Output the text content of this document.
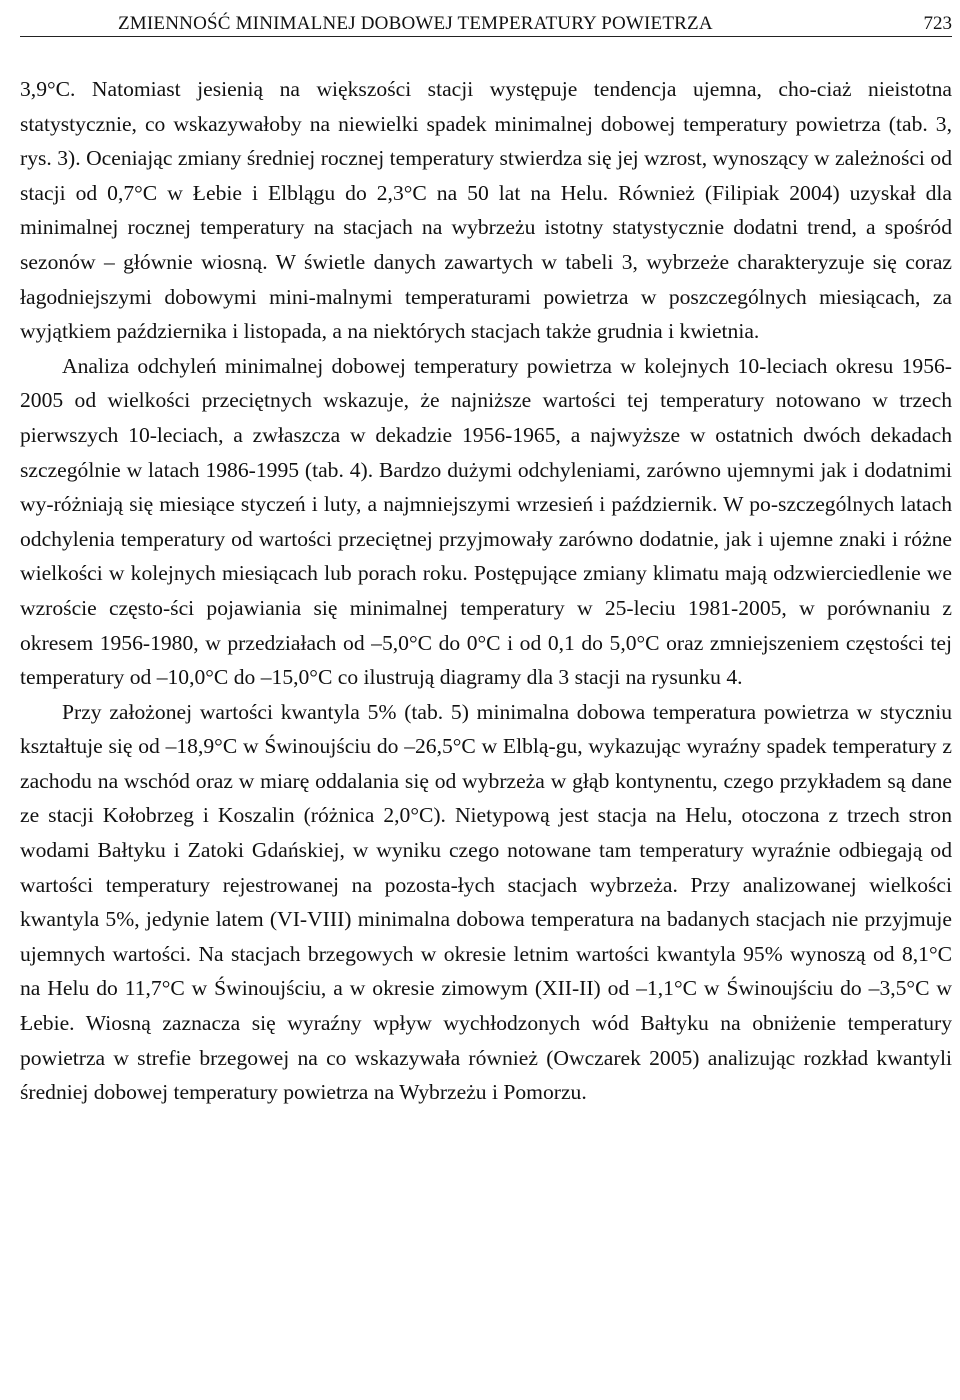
ZMIENNOŚĆ MINIMALNEJ DOBOWEJ TEMPERATURY POWIETRZA	723

3,9°C. Natomiast jesienią na większości stacji występuje tendencja ujemna, cho-ciaż nieistotna statystycznie, co wskazywałoby na niewielki spadek minimalnej dobowej temperatury powietrza (tab. 3, rys. 3). Oceniając zmiany średniej rocznej temperatury stwierdza się jej wzrost, wynoszący w zależności od stacji od 0,7°C w Łebie i Elblągu do 2,3°C na 50 lat na Helu. Również (Filipiak 2004) uzyskał dla minimalnej rocznej temperatury na stacjach na wybrzeżu istotny statystycznie dodatni trend, a spośród sezonów – głównie wiosną. W świetle danych zawartych w tabeli 3, wybrzeże charakteryzuje się coraz łagodniejszymi dobowymi mini-malnymi temperaturami powietrza w poszczególnych miesiącach, za wyjątkiem października i listopada, a na niektórych stacjach także grudnia i kwietnia.

Analiza odchyleń minimalnej dobowej temperatury powietrza w kolejnych 10-leciach okresu 1956-2005 od wielkości przeciętnych wskazuje, że najniższe wartości tej temperatury notowano w trzech pierwszych 10-leciach, a zwłaszcza w dekadzie 1956-1965, a najwyższe w ostatnich dwóch dekadach szczególnie w latach 1986-1995 (tab. 4). Bardzo dużymi odchyleniami, zarówno ujemnymi jak i dodatnimi wy-różniają się miesiące styczeń i luty, a najmniejszymi wrzesień i październik. W po-szczególnych latach odchylenia temperatury od wartości przeciętnej przyjmowały zarówno dodatnie, jak i ujemne znaki i różne wielkości w kolejnych miesiącach lub porach roku. Postępujące zmiany klimatu mają odzwierciedlenie we wzroście często-ści pojawiania się minimalnej temperatury w 25-leciu 1981-2005, w porównaniu z okresem 1956-1980, w przedziałach od –5,0°C do 0°C i od 0,1 do 5,0°C oraz zmniejszeniem częstości tej temperatury od –10,0°C do –15,0°C co ilustrują diagramy dla 3 stacji na rysunku 4.

Przy założonej wartości kwantyla 5% (tab. 5) minimalna dobowa temperatura powietrza w styczniu kształtuje się od –18,9°C w Świnoujściu do –26,5°C w Elblą-gu, wykazując wyraźny spadek temperatury z zachodu na wschód oraz w miarę oddalania się od wybrzeża w głąb kontynentu, czego przykładem są dane ze stacji Kołobrzeg i Koszalin (różnica 2,0°C). Nietypową jest stacja na Helu, otoczona z trzech stron wodami Bałtyku i Zatoki Gdańskiej, w wyniku czego notowane tam temperatury wyraźnie odbiegają od wartości temperatury rejestrowanej na pozosta-łych stacjach wybrzeża. Przy analizowanej wielkości kwantyla 5%, jedynie latem (VI-VIII) minimalna dobowa temperatura na badanych stacjach nie przyjmuje ujemnych wartości. Na stacjach brzegowych w okresie letnim wartości kwantyla 95% wynoszą od 8,1°C na Helu do 11,7°C w Świnoujściu, a w okresie zimowym (XII-II) od –1,1°C w Świnoujściu do –3,5°C w Łebie. Wiosną zaznacza się wyraźny wpływ wychłodzonych wód Bałtyku na obniżenie temperatury powietrza w strefie brzegowej na co wskazywała również (Owczarek 2005) analizując rozkład kwantyli średniej dobowej temperatury powietrza na Wybrzeżu i Pomorzu.
